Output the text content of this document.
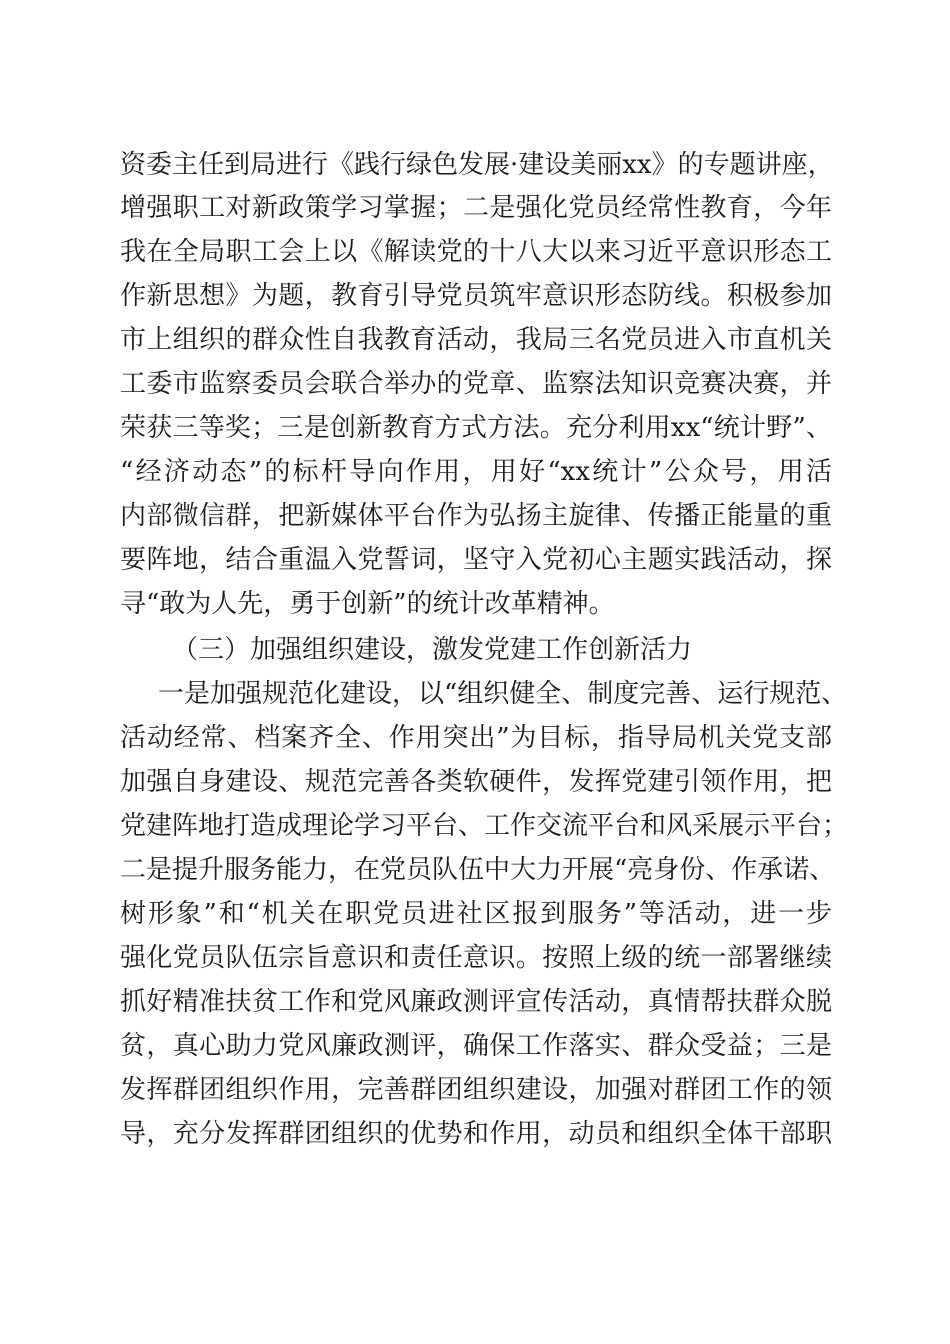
资委主任到局进行《践行绿色发展·建设美丽xx》的专题讲座，
增强职工对新政策学习掌握；二是强化党员经常性教育，今年
我在全局职工会上以《解读党的十八大以来习近平意识形态工
作新思想》为题，教育引导党员筑牢意识形态防线。积极参加
市上组织的群众性自我教育活动，我局三名党员进入市直机关
工委市监察委员会联合举办的党章、监察法知识竞赛决赛，并
荣获三等奖；三是创新教育方式方法。充分利用xx“统计野”、
“经济动态”的标杆导向作用，用好“xx统计”公众号，用活
内部微信群，把新媒体平台作为弘扬主旋律、传播正能量的重
要阵地，结合重温入党誓词，坚守入党初心主题实践活动，探
寻“敢为人先，勇于创新”的统计改革精神。
（三）加强组织建设，激发党建工作创新活力
一是加强规范化建设，以“组织健全、制度完善、运行规范、
活动经常、档案齐全、作用突出”为目标，指导局机关党支部
加强自身建设、规范完善各类软硬件，发挥党建引领作用，把
党建阵地打造成理论学习平台、工作交流平台和风采展示平台；
二是提升服务能力，在党员队伍中大力开展“亮身份、作承诺、
树形象”和“机关在职党员进社区报到服务”等活动，进一步
强化党员队伍宗旨意识和责任意识。按照上级的统一部署继续
抓好精准扶贫工作和党风廉政测评宣传活动，真情帮扶群众脱
贫，真心助力党风廉政测评，确保工作落实、群众受益；三是
发挥群团组织作用，完善群团组织建设，加强对群团工作的领
导，充分发挥群团组织的优势和作用，动员和组织全体干部职
